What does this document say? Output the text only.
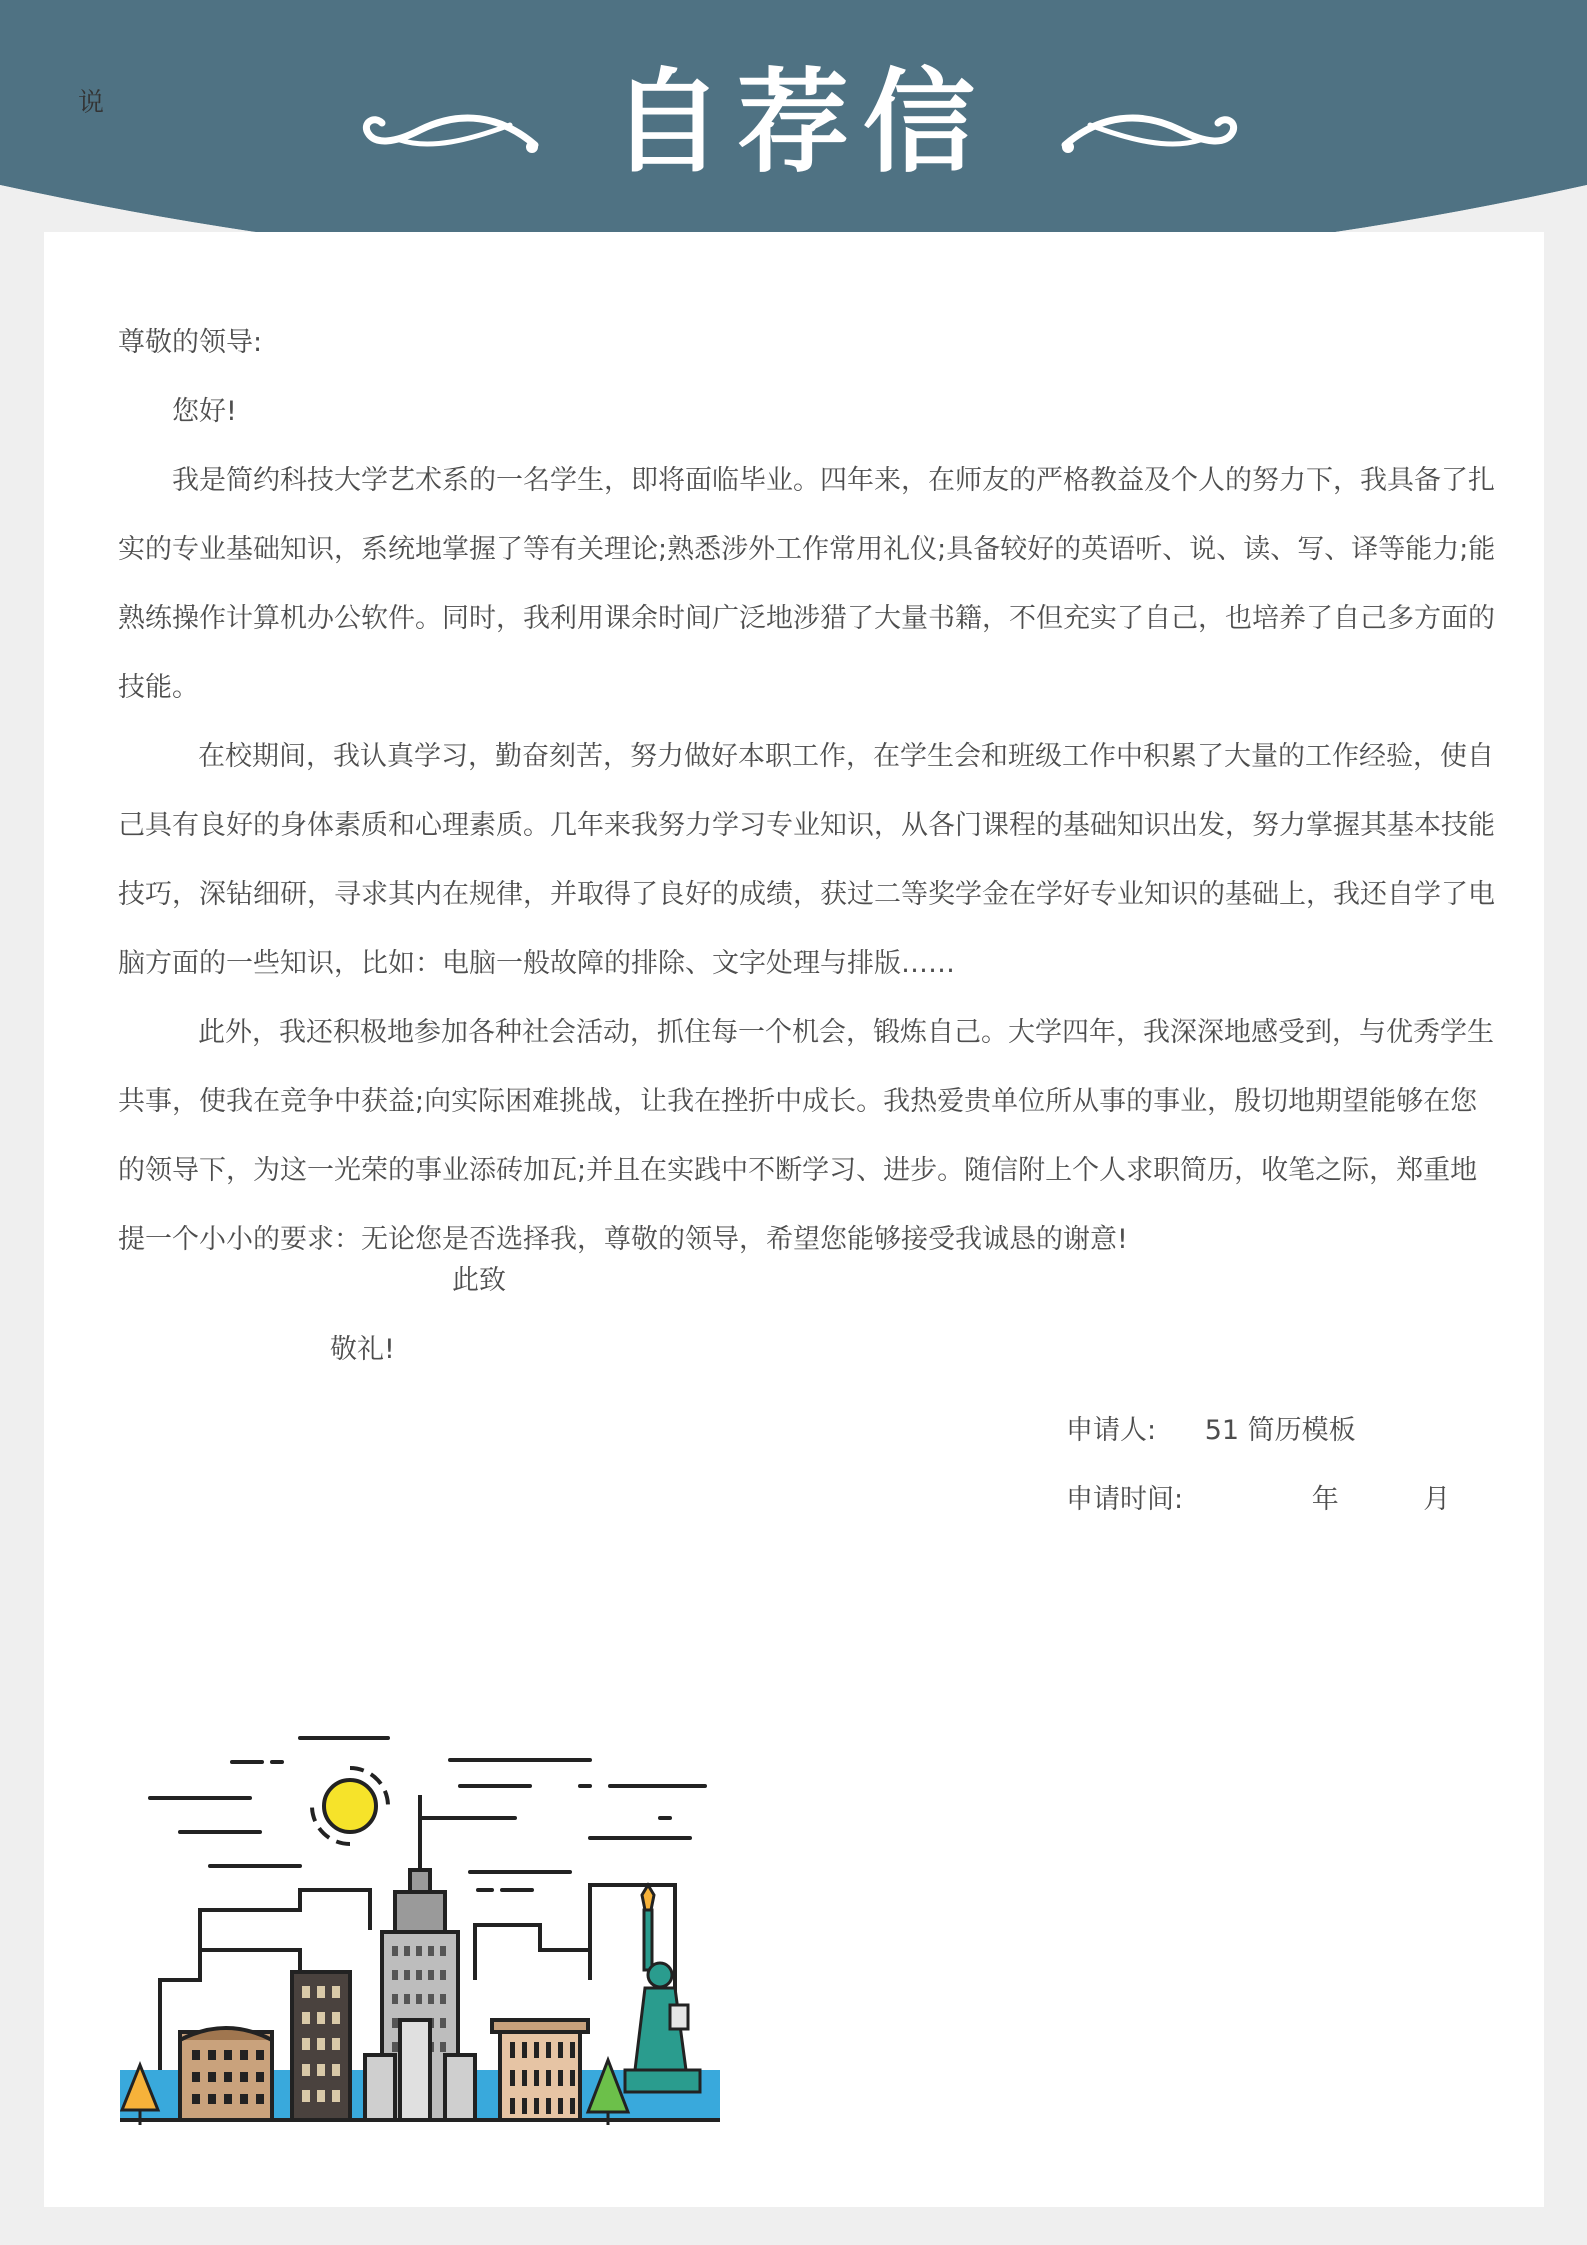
说	自荐信

尊敬的领导:

您好!

我是简约科技大学艺术系的一名学生，即将面临毕业。四年来，在师友的严格教益及个人的努力下，我具备了扎实的专业基础知识，系统地掌握了等有关理论;熟悉涉外工作常用礼仪;具备较好的英语听、说、读、写、译等能力;能熟练操作计算机办公软件。同时，我利用课余时间广泛地涉猎了大量书籍，不但充实了自己，也培养了自己多方面的技能。

在校期间，我认真学习，勤奋刻苦，努力做好本职工作，在学生会和班级工作中积累了大量的工作经验，使自己具有良好的身体素质和心理素质。几年来我努力学习专业知识，从各门课程的基础知识出发，努力掌握其基本技能技巧，深钻细研，寻求其内在规律，并取得了良好的成绩，获过二等奖学金在学好专业知识的基础上，我还自学了电脑方面的一些知识，比如：电脑一般故障的排除、文字处理与排版……

此外，我还积极地参加各种社会活动，抓住每一个机会，锻炼自己。大学四年，我深深地感受到，与优秀学生共事，使我在竞争中获益;向实际困难挑战，让我在挫折中成长。我热爱贵单位所从事的事业，殷切地期望能够在您的领导下，为这一光荣的事业添砖加瓦;并且在实践中不断学习、进步。随信附上个人求职简历，收笔之际，郑重地提一个小小的要求：无论您是否选择我，尊敬的领导，希望您能够接受我诚恳的谢意!

此致
敬礼!
申请人: 51 简历模板
申请时间:	年	月
